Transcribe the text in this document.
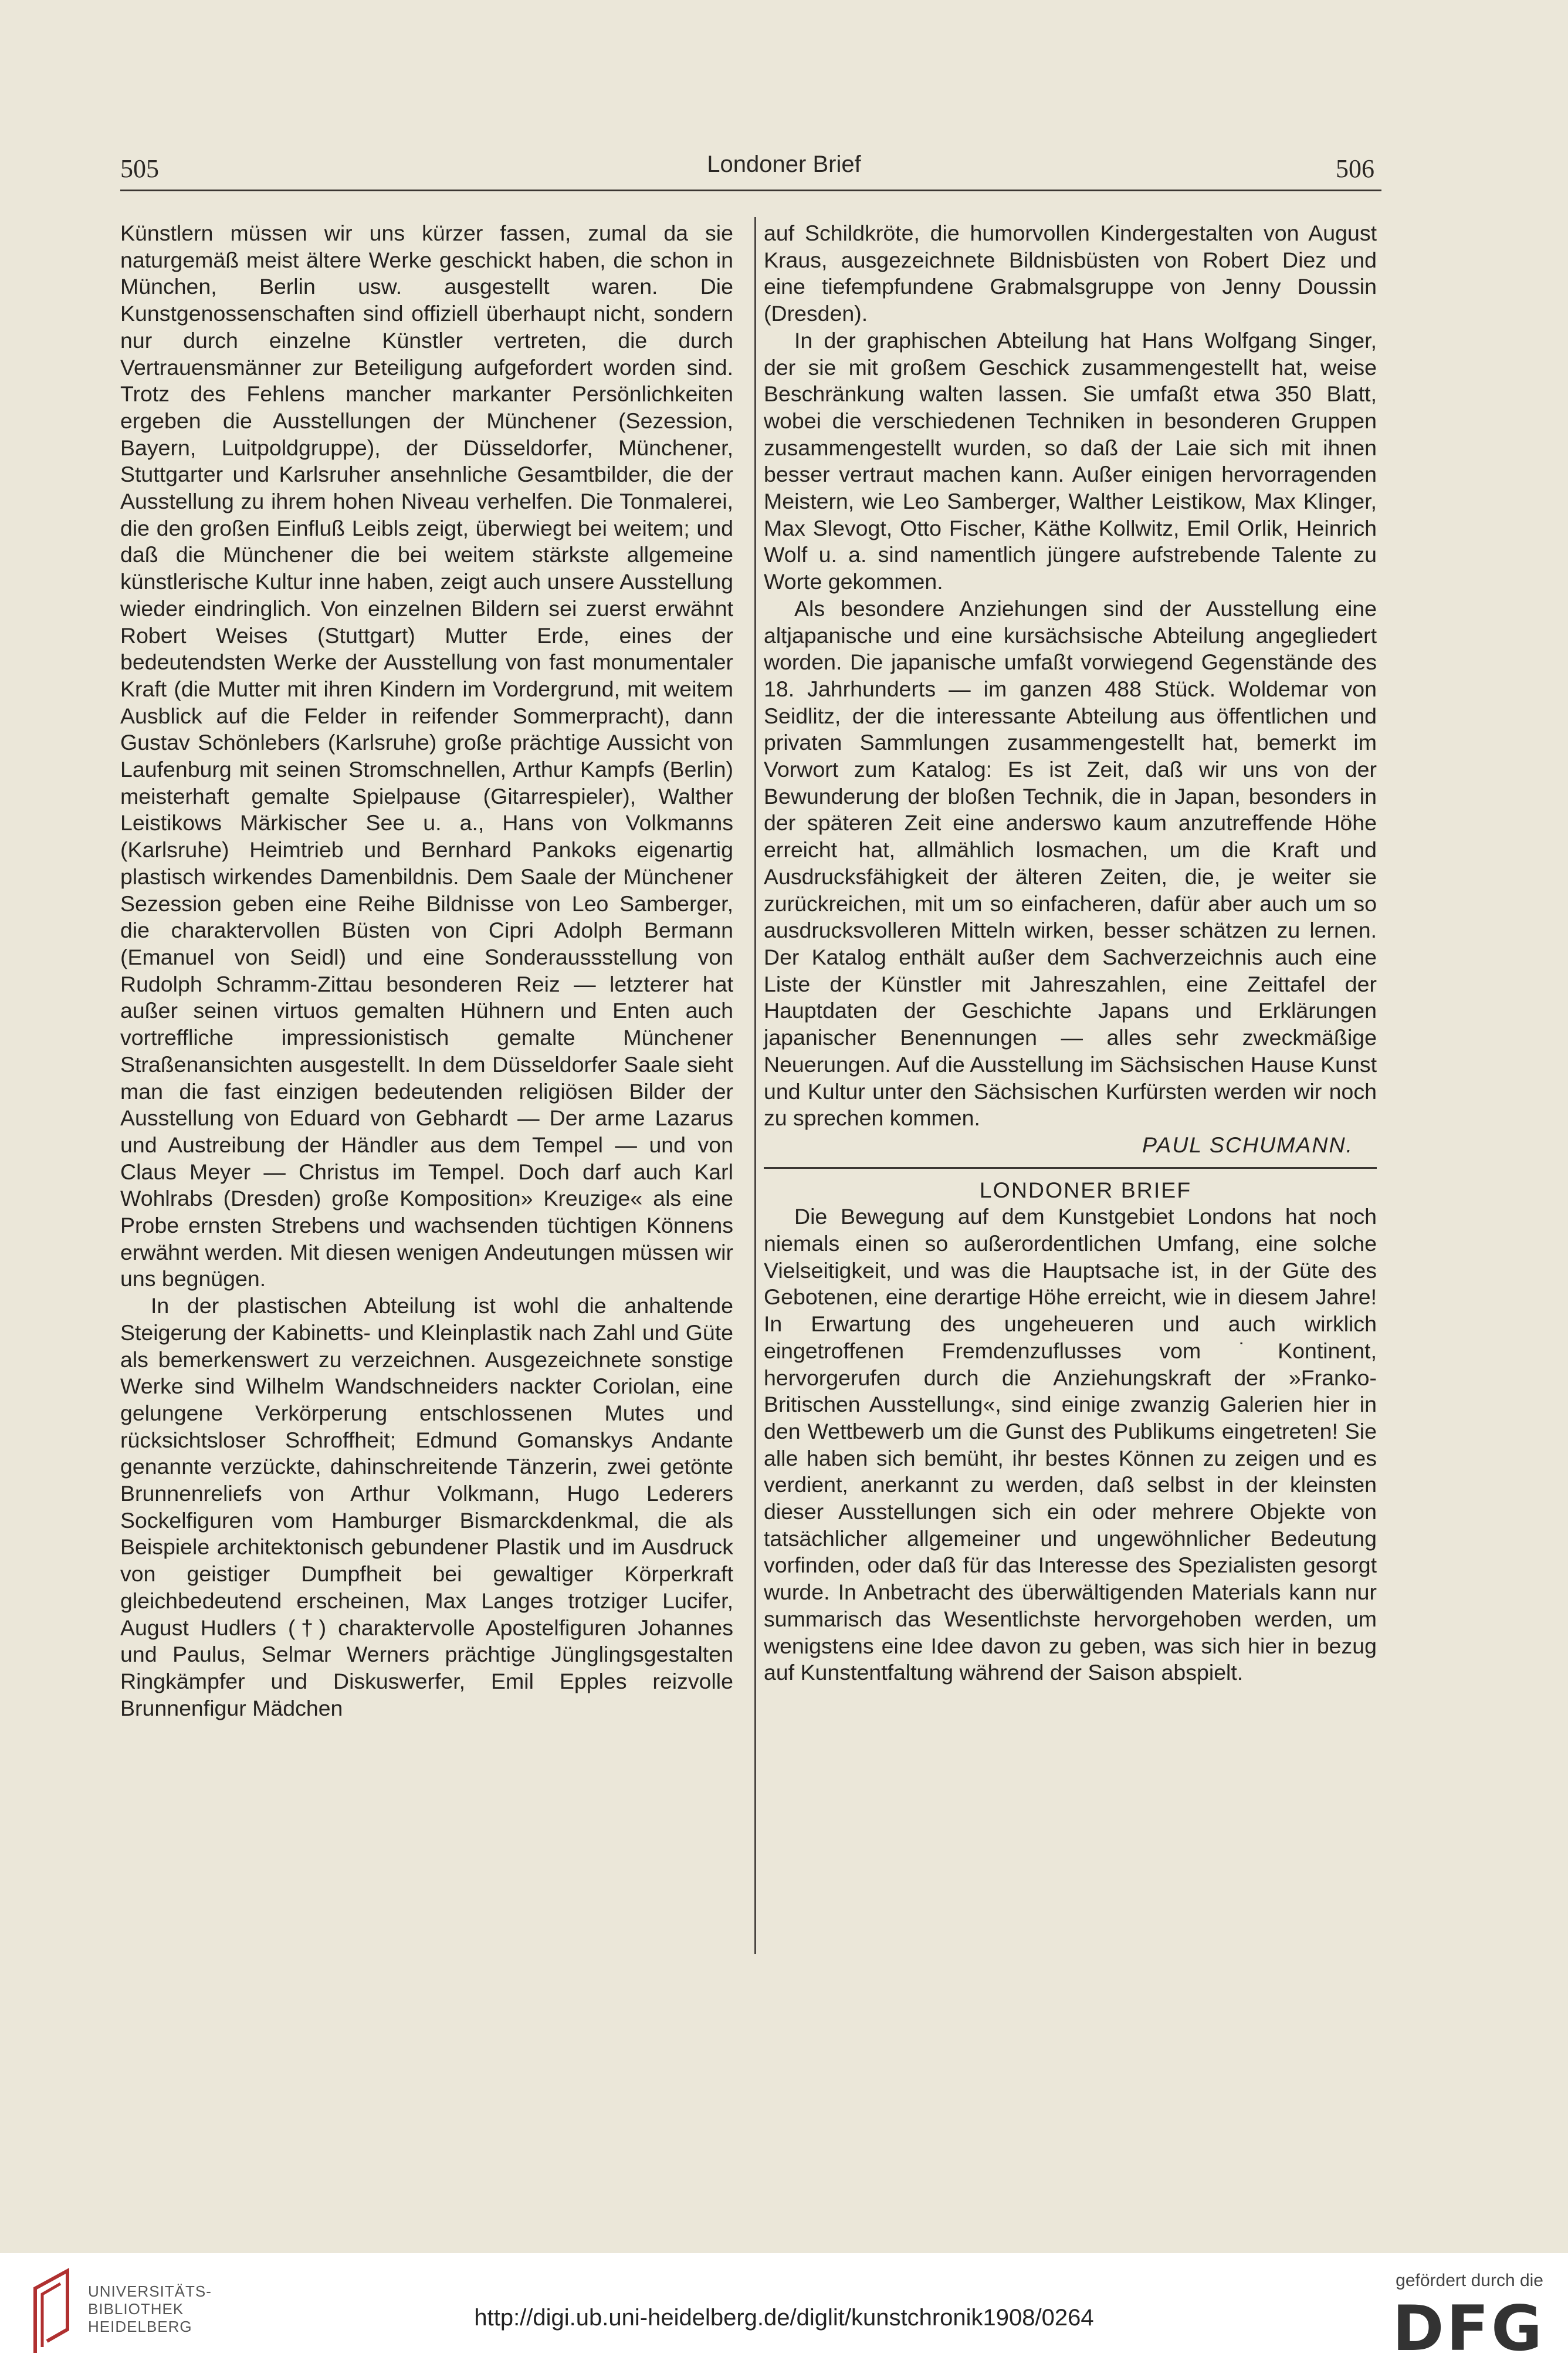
505	Londoner Brief	506

Künstlern müssen wir uns kürzer fassen, zumal da sie naturgemäß meist ältere Werke geschickt haben, die schon in München, Berlin usw. ausgestellt waren. Die Kunstgenossenschaften sind offiziell überhaupt nicht, sondern nur durch einzelne Künstler vertreten, die durch Vertrauensmänner zur Beteiligung aufgefordert worden sind. Trotz des Fehlens mancher markanter Persönlichkeiten ergeben die Ausstellungen der Münchener (Sezession, Bayern, Luitpoldgruppe), der Düsseldorfer, Münchener, Stuttgarter und Karlsruher ansehnliche Gesamtbilder, die der Ausstellung zu ihrem hohen Niveau verhelfen. Die Tonmalerei, die den großen Einfluß Leibls zeigt, überwiegt bei weitem; und daß die Münchener die bei weitem stärkste allgemeine künstlerische Kultur inne haben, zeigt auch unsere Ausstellung wieder eindringlich. Von einzelnen Bildern sei zuerst erwähnt Robert Weises (Stuttgart) Mutter Erde, eines der bedeutendsten Werke der Ausstellung von fast monumentaler Kraft (die Mutter mit ihren Kindern im Vordergrund, mit weitem Ausblick auf die Felder in reifender Sommerpracht), dann Gustav Schönlebers (Karlsruhe) große prächtige Aussicht von Laufenburg mit seinen Stromschnellen, Arthur Kampfs (Berlin) meisterhaft gemalte Spielpause (Gitarrespieler), Walther Leistikows Märkischer See u. a., Hans von Volkmanns (Karlsruhe) Heimtrieb und Bernhard Pankoks eigenartig plastisch wirkendes Damenbildnis. Dem Saale der Münchener Sezession geben eine Reihe Bildnisse von Leo Samberger, die charaktervollen Büsten von Cipri Adolph Bermann (Emanuel von Seidl) und eine Sonderaussstellung von Rudolph Schramm-Zittau besonderen Reiz — letzterer hat außer seinen virtuos gemalten Hühnern und Enten auch vortreffliche impressionistisch gemalte Münchener Straßenansichten ausgestellt. In dem Düsseldorfer Saale sieht man die fast einzigen bedeutenden religiösen Bilder der Ausstellung von Eduard von Gebhardt — Der arme Lazarus und Austreibung der Händler aus dem Tempel — und von Claus Meyer — Christus im Tempel. Doch darf auch Karl Wohlrabs (Dresden) große Komposition» Kreuzige« als eine Probe ernsten Strebens und wachsenden tüchtigen Könnens erwähnt werden. Mit diesen wenigen Andeutungen müssen wir uns begnügen.

In der plastischen Abteilung ist wohl die anhaltende Steigerung der Kabinetts- und Kleinplastik nach Zahl und Güte als bemerkenswert zu verzeichnen. Ausgezeichnete sonstige Werke sind Wilhelm Wandschneiders nackter Coriolan, eine gelungene Verkörperung entschlossenen Mutes und rücksichtsloser Schroffheit; Edmund Gomanskys Andante genannte verzückte, dahinschreitende Tänzerin, zwei getönte Brunnenreliefs von Arthur Volkmann, Hugo Lederers Sockelfiguren vom Hamburger Bismarckdenkmal, die als Beispiele architektonisch gebundener Plastik und im Ausdruck von geistiger Dumpfheit bei gewaltiger Körperkraft gleichbedeutend erscheinen, Max Langes trotziger Lucifer, August Hudlers (†) charaktervolle Apostelfiguren Johannes und Paulus, Selmar Werners prächtige Jünglingsgestalten Ringkämpfer und Diskuswerfer, Emil Epples reizvolle Brunnenfigur Mädchen

auf Schildkröte, die humorvollen Kindergestalten von August Kraus, ausgezeichnete Bildnisbüsten von Robert Diez und eine tiefempfundene Grabmalsgruppe von Jenny Doussin (Dresden).

In der graphischen Abteilung hat Hans Wolfgang Singer, der sie mit großem Geschick zusammengestellt hat, weise Beschränkung walten lassen. Sie umfaßt etwa 350 Blatt, wobei die verschiedenen Techniken in besonderen Gruppen zusammengestellt wurden, so daß der Laie sich mit ihnen besser vertraut machen kann. Außer einigen hervorragenden Meistern, wie Leo Samberger, Walther Leistikow, Max Klinger, Max Slevogt, Otto Fischer, Käthe Kollwitz, Emil Orlik, Heinrich Wolf u. a. sind namentlich jüngere aufstrebende Talente zu Worte gekommen.

Als besondere Anziehungen sind der Ausstellung eine altjapanische und eine kursächsische Abteilung angegliedert worden. Die japanische umfaßt vorwiegend Gegenstände des 18. Jahrhunderts — im ganzen 488 Stück. Woldemar von Seidlitz, der die interessante Abteilung aus öffentlichen und privaten Sammlungen zusammengestellt hat, bemerkt im Vorwort zum Katalog: Es ist Zeit, daß wir uns von der Bewunderung der bloßen Technik, die in Japan, besonders in der späteren Zeit eine anderswo kaum anzutreffende Höhe erreicht hat, allmählich losmachen, um die Kraft und Ausdrucksfähigkeit der älteren Zeiten, die, je weiter sie zurückreichen, mit um so einfacheren, dafür aber auch um so ausdrucksvolleren Mitteln wirken, besser schätzen zu lernen. Der Katalog enthält außer dem Sachverzeichnis auch eine Liste der Künstler mit Jahreszahlen, eine Zeittafel der Hauptdaten der Geschichte Japans und Erklärungen japanischer Benennungen — alles sehr zweckmäßige Neuerungen. Auf die Ausstellung im Sächsischen Hause Kunst und Kultur unter den Sächsischen Kurfürsten werden wir noch zu sprechen kommen.

PAUL SCHUMANN.

LONDONER BRIEF

Die Bewegung auf dem Kunstgebiet Londons hat noch niemals einen so außerordentlichen Umfang, eine solche Vielseitigkeit, und was die Hauptsache ist, in der Güte des Gebotenen, eine derartige Höhe erreicht, wie in diesem Jahre! In Erwartung des ungeheueren und auch wirklich eingetroffenen Fremdenzuflusses vom ˙Kontinent, hervorgerufen durch die Anziehungskraft der »Franko-Britischen Ausstellung«, sind einige zwanzig Galerien hier in den Wettbewerb um die Gunst des Publikums eingetreten! Sie alle haben sich bemüht, ihr bestes Können zu zeigen und es verdient, anerkannt zu werden, daß selbst in der kleinsten dieser Ausstellungen sich ein oder mehrere Objekte von tatsächlicher allgemeiner und ungewöhnlicher Bedeutung vorfinden, oder daß für das Interesse des Spezialisten gesorgt wurde. In Anbetracht des überwältigenden Materials kann nur summarisch das Wesentlichste hervorgehoben werden, um wenigstens eine Idee davon zu geben, was sich hier in bezug auf Kunstentfaltung während der Saison abspielt.

UNIVERSITÄTS-
BIBLIOTHEK
HEIDELBERG	http://digi.ub.uni-heidelberg.de/diglit/kunstchronik1908/0264
gefördert durch die
DFG
